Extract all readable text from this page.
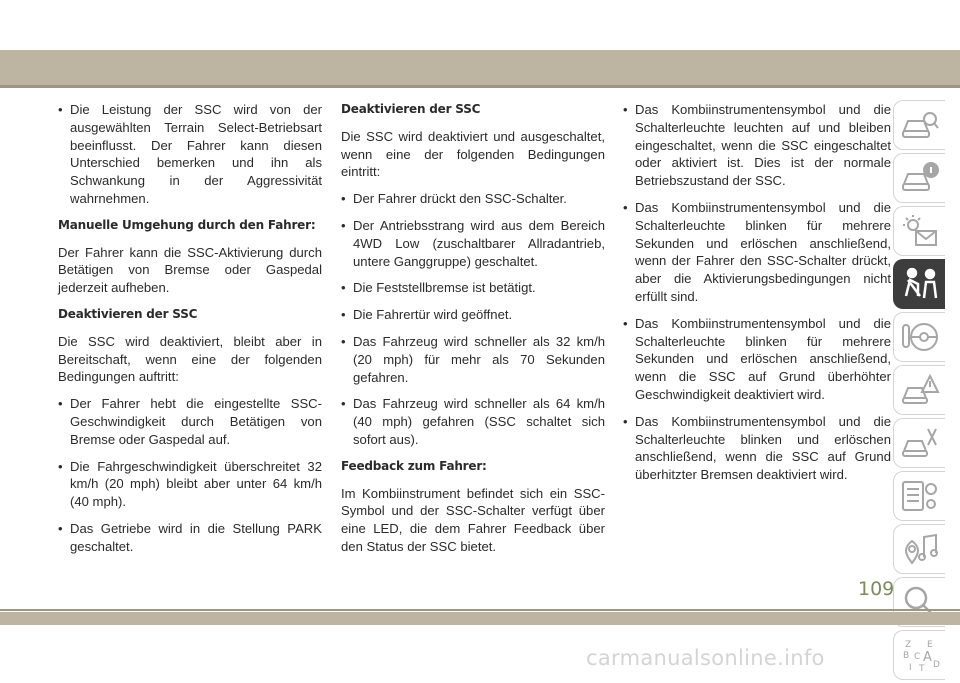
• Die Leistung der SSC wird von der ausgewählten Terrain Select-Betriebsart beeinflusst. Der Fahrer kann diesen Unterschied bemerken und ihn als Schwankung in der Aggressivität wahrnehmen.
Manuelle Umgehung durch den Fahrer:
Der Fahrer kann die SSC-Aktivierung durch Betätigen von Bremse oder Gaspedal jederzeit aufheben.
Deaktivieren der SSC
Die SSC wird deaktiviert, bleibt aber in Bereitschaft, wenn eine der folgenden Bedingungen auftritt:
• Der Fahrer hebt die eingestellte SSC-Geschwindigkeit durch Betätigen von Bremse oder Gaspedal auf.
• Die Fahrgeschwindigkeit überschreitet 32 km/h (20 mph) bleibt aber unter 64 km/h (40 mph).
• Das Getriebe wird in die Stellung PARK geschaltet.
Deaktivieren der SSC
Die SSC wird deaktiviert und ausgeschaltet, wenn eine der folgenden Bedingungen eintritt:
• Der Fahrer drückt den SSC-Schalter.
• Der Antriebsstrang wird aus dem Bereich 4WD Low (zuschaltbarer Allradantrieb, untere Ganggruppe) geschaltet.
• Die Feststellbremse ist betätigt.
• Die Fahrertür wird geöffnet.
• Das Fahrzeug wird schneller als 32 km/h (20 mph) für mehr als 70 Sekunden gefahren.
• Das Fahrzeug wird schneller als 64 km/h (40 mph) gefahren (SSC schaltet sich sofort aus).
Feedback zum Fahrer:
Im Kombiinstrument befindet sich ein SSC-Symbol und der SSC-Schalter verfügt über eine LED, die dem Fahrer Feedback über den Status der SSC bietet.
• Das Kombiinstrumentensymbol und die Schalterleuchte leuchten auf und bleiben eingeschaltet, wenn die SSC eingeschaltet oder aktiviert ist. Dies ist der normale Betriebszustand der SSC.
• Das Kombiinstrumentensymbol und die Schalterleuchte blinken für mehrere Sekunden und erlöschen anschließend, wenn der Fahrer den SSC-Schalter drückt, aber die Aktivierungsbedingungen nicht erfüllt sind.
• Das Kombiinstrumentensymbol und die Schalterleuchte blinken für mehrere Sekunden und erlöschen anschließend, wenn die SSC auf Grund überhöhter Geschwindigkeit deaktiviert wird.
• Das Kombiinstrumentensymbol und die Schalterleuchte blinken und erlöschen anschließend, wenn die SSC auf Grund überhitzter Bremsen deaktiviert wird.
Z E
B A
C
D
I T
109
carmanualsonline.info
